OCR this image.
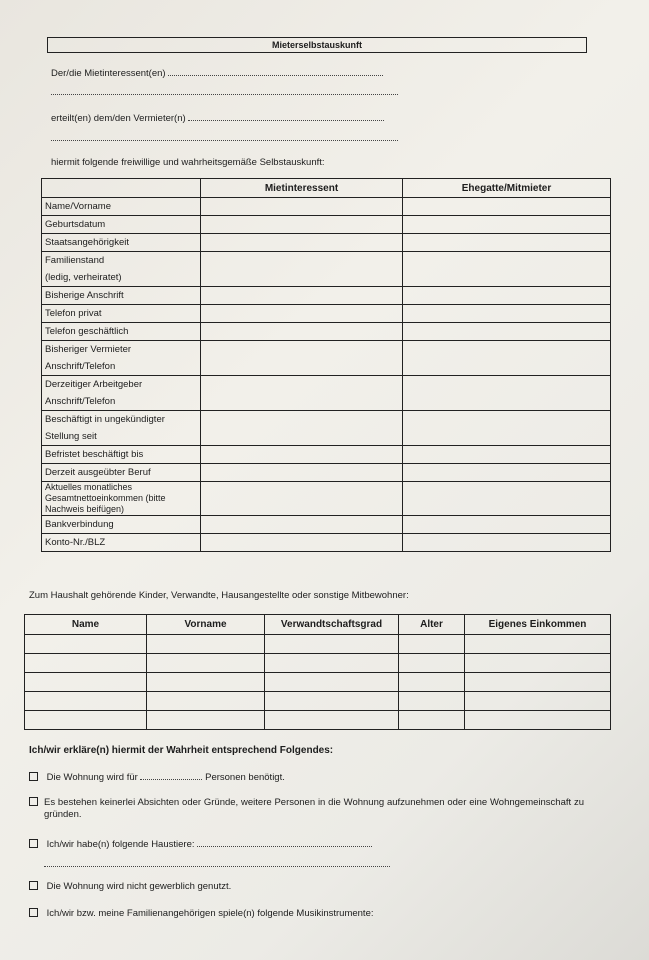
Mieterselbstauskunft
Der/die Mietinteressent(en)
erteilt(en) dem/den Vermieter(n)
hiermit folgende freiwillige und wahrheitsgemäße Selbstauskunft:
	Mietinteressent	Ehegatte/Mitmieter

Name/Vorname		

Geburtsdatum		

Staatsangehörigkeit		

Familienstand
(ledig, verheiratet)		

Bisherige Anschrift		

Telefon privat		

Telefon geschäftlich		

Bisheriger Vermieter
Anschrift/Telefon		

Derzeitiger Arbeitgeber
Anschrift/Telefon		

Beschäftigt in ungekündigter
Stellung seit		

Befristet beschäftigt bis		

Derzeit ausgeübter Beruf		

Aktuelles monatliches
Gesamtnettoeinkommen (bitte
Nachweis beifügen)		

Bankverbindung		

Konto-Nr./BLZ		

Zum Haushalt gehörende Kinder, Verwandte, Hausangestellte oder sonstige Mitbewohner:
Name	Vorname	Verwandtschaftsgrad	Alter	Eigenes Einkommen

Ich/wir erkläre(n) hiermit der Wahrheit entsprechend Folgendes:
Die Wohnung wird für	Personen benötigt.
Es bestehen keinerlei Absichten oder Gründe, weitere Personen in die Wohnung aufzunehmen oder eine Wohngemeinschaft zu gründen.
Ich/wir habe(n) folgende Haustiere:
Die Wohnung wird nicht gewerblich genutzt.
Ich/wir bzw. meine Familienangehörigen spiele(n) folgende Musikinstrumente:
